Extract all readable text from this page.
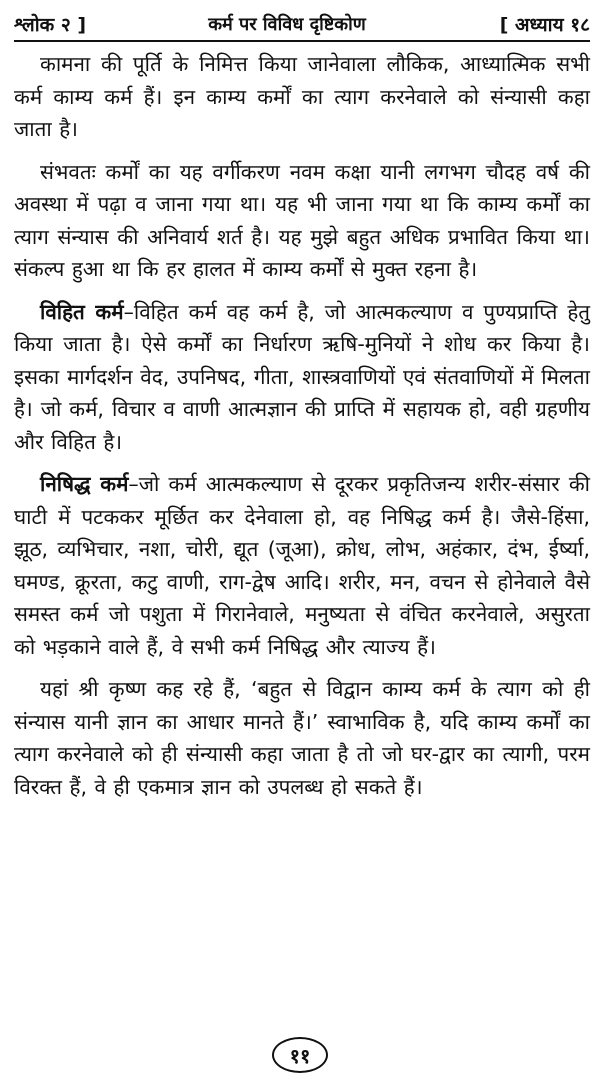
श्लोक २ ]	कर्म पर विविध दृष्टिकोण	[ अध्याय १८

कामना की पूर्ति के निमित्त किया जानेवाला लौकिक, आध्यात्मिक सभी कर्म काम्य कर्म हैं। इन काम्य कर्मों का त्याग करनेवाले को संन्यासी कहा जाता है।

संभवतः कर्मों का यह वर्गीकरण नवम कक्षा यानी लगभग चौदह वर्ष की अवस्था में पढ़ा व जाना गया था। यह भी जाना गया था कि काम्य कर्मों का त्याग संन्यास की अनिवार्य शर्त है। यह मुझे बहुत अधिक प्रभावित किया था। संकल्प हुआ था कि हर हालत में काम्य कर्मों से मुक्त रहना है।

विहित कर्म–विहित कर्म वह कर्म है, जो आत्मकल्याण व पुण्यप्राप्ति हेतु किया जाता है। ऐसे कर्मों का निर्धारण ऋषि-मुनियों ने शोध कर किया है। इसका मार्गदर्शन वेद, उपनिषद, गीता, शास्त्रवाणियों एवं संतवाणियों में मिलता है। जो कर्म, विचार व वाणी आत्मज्ञान की प्राप्ति में सहायक हो, वही ग्रहणीय और विहित है।

निषिद्ध कर्म–जो कर्म आत्मकल्याण से दूरकर प्रकृतिजन्य शरीर-संसार की घाटी में पटककर मूर्छित कर देनेवाला हो, वह निषिद्ध कर्म है। जैसे-हिंसा, झूठ, व्यभिचार, नशा, चोरी, द्यूत (जूआ), क्रोध, लोभ, अहंकार, दंभ, ईर्ष्या, घमण्ड, क्रूरता, कटु वाणी, राग-द्वेष आदि। शरीर, मन, वचन से होनेवाले वैसे समस्त कर्म जो पशुता में गिरानेवाले, मनुष्यता से वंचित करनेवाले, असुरता को भड़काने वाले हैं, वे सभी कर्म निषिद्ध और त्याज्य हैं।

यहां श्री कृष्ण कह रहे हैं, ‘बहुत से विद्वान काम्य कर्म के त्याग को ही संन्यास यानी ज्ञान का आधार मानते हैं।’ स्वाभाविक है, यदि काम्य कर्मों का त्याग करनेवाले को ही संन्यासी कहा जाता है तो जो घर-द्वार का त्यागी, परम विरक्त हैं, वे ही एकमात्र ज्ञान को उपलब्ध हो सकते हैं।

११
